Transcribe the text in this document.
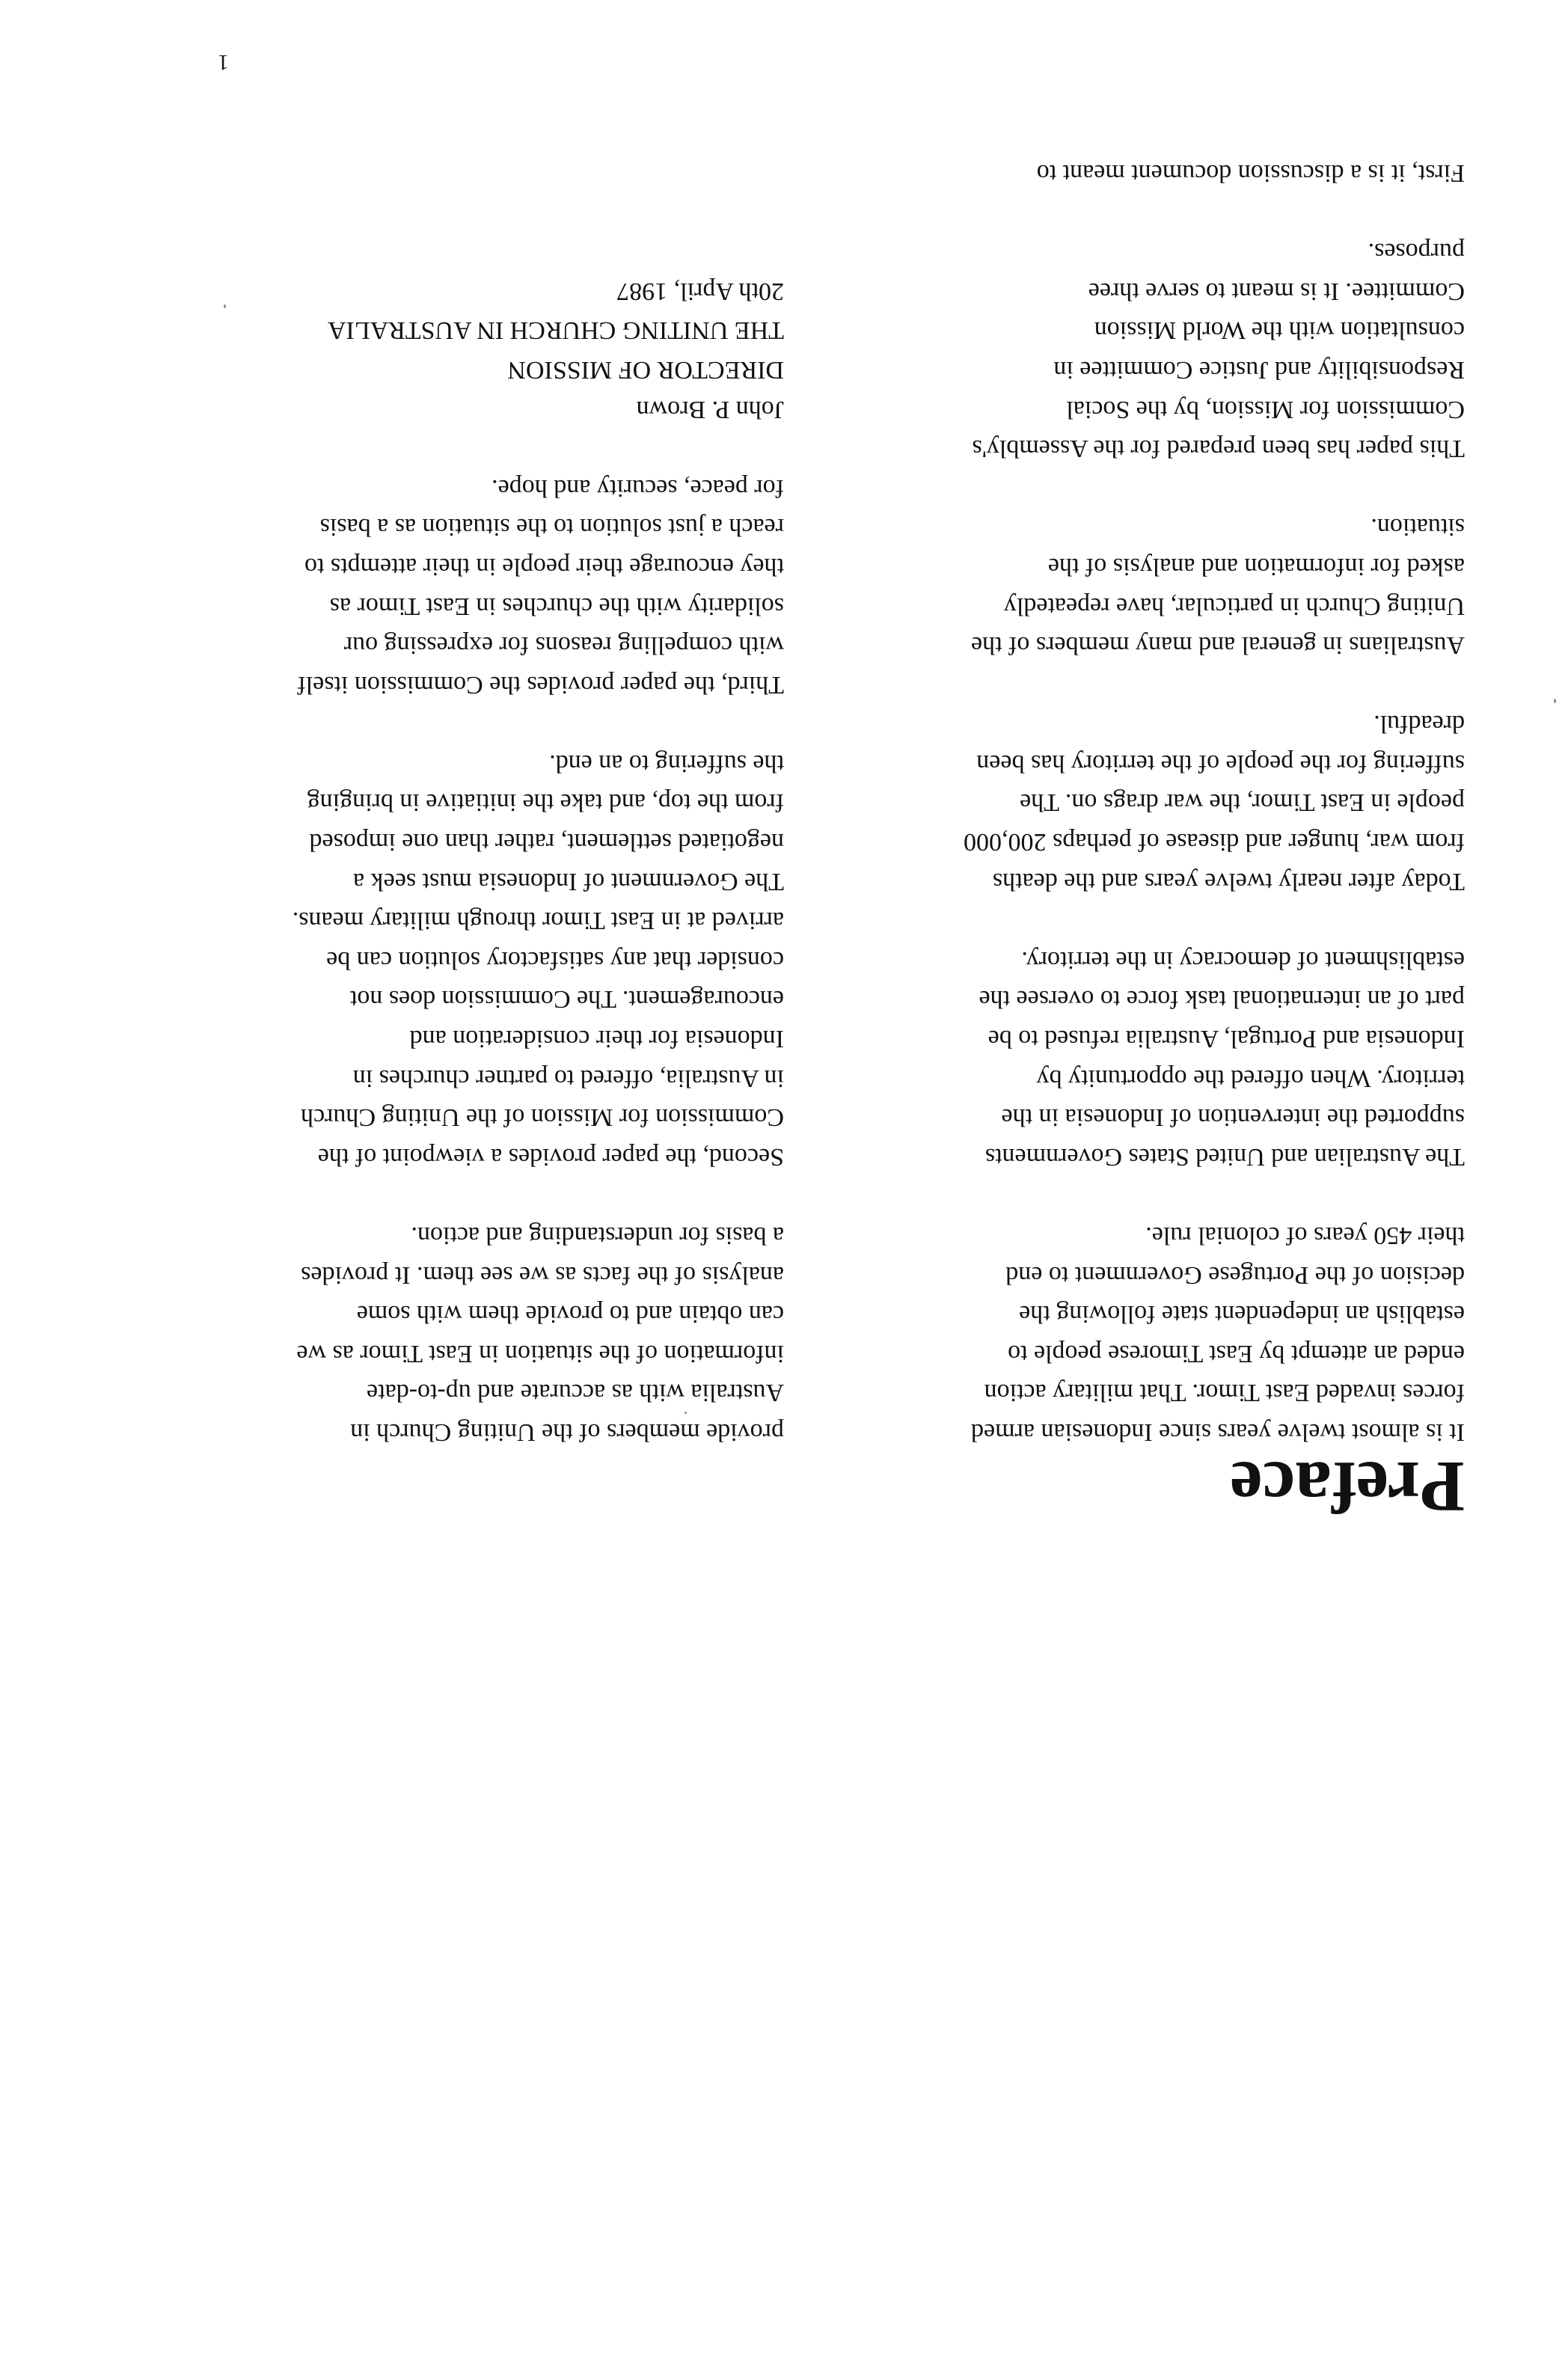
Preface

It is almost twelve years since Indonesian armed
forces invaded East Timor. That military action
ended an attempt by East Timorese people to
establish an independent state following the
decision of the Portugese Government to end
their 450 years of colonial rule.

The Australian and United States Governments
supported the intervention of Indonesia in the
territory. When offered the opportunity by
Indonesia and Portugal, Australia refused to be
part of an international task force to oversee the
establishment of democracy in the territory.

Today after nearly twelve years and the deaths
from war, hunger and disease of perhaps 200,000
people in East Timor, the war drags on. The
suffering for the people of the territory has been
dreadful.

Australians in general and many members of the
Uniting Church in particular, have repeatedly
asked for information and analysis of the
situation.

This paper has been prepared for the Assembly's
Commission for Mission, by the Social
Responsibility and Justice Committee in
consultation with the World Mission
Committee. It is meant to serve three
purposes.

First, it is a discussion document meant to

provide members of the Uniting Church in
Australia with as accurate and up-to-date
information of the situation in East Timor as we
can obtain and to provide them with some
analysis of the facts as we see them. It provides
a basis for understanding and action.

Second, the paper provides a viewpoint of the
Commission for Mission of the Uniting Church
in Australia, offered to partner churches in
Indonesia for their consideration and
encouragement. The Commission does not
consider that any satisfactory solution can be
arrived at in East Timor through military means.
The Government of Indonesia must seek a
negotiated settlement, rather than one imposed
from the top, and take the initiative in bringing
the suffering to an end.

Third, the paper provides the Commission itself
with compelling reasons for expressing our
solidarity with the churches in East Timor as
they encourage their people in their attempts to
reach a just solution to the situation as a basis
for peace, security and hope.

John P. Brown
DIRECTOR OF MISSION
THE UNITING CHURCH IN AUSTRALIA
20th April, 1987

1
